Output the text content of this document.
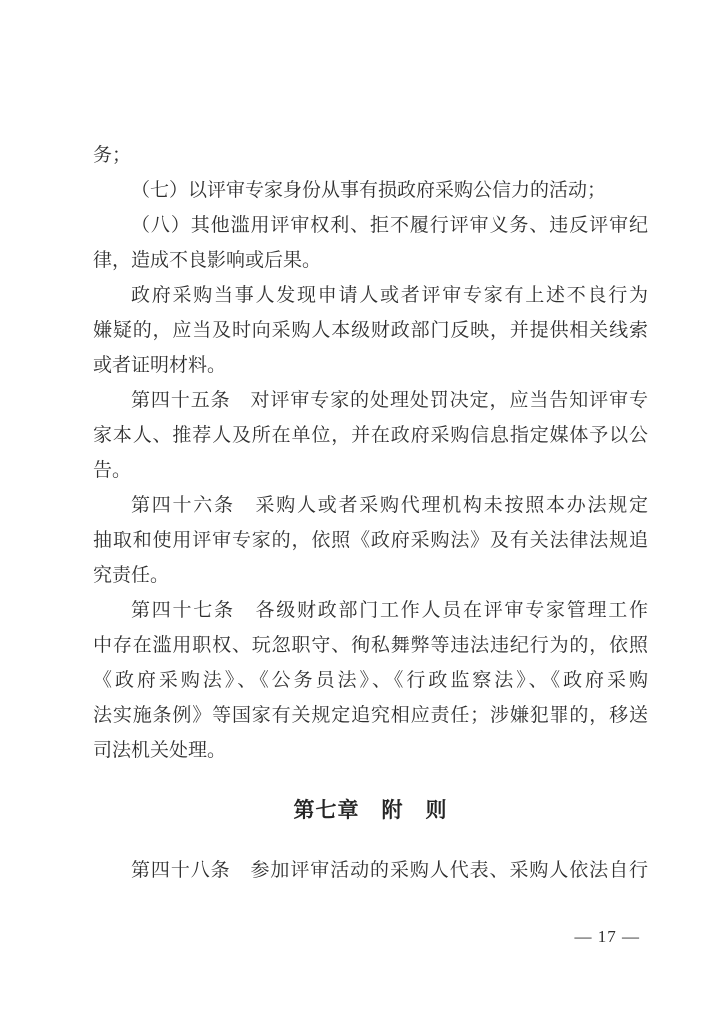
务；

（七）以评审专家身份从事有损政府采购公信力的活动；

（八）其他滥用评审权利、拒不履行评审义务、违反评审纪

律，造成不良影响或后果。

政府采购当事人发现申请人或者评审专家有上述不良行为

嫌疑的，应当及时向采购人本级财政部门反映，并提供相关线索

或者证明材料。

第四十五条　对评审专家的处理处罚决定，应当告知评审专

家本人、推荐人及所在单位，并在政府采购信息指定媒体予以公

告。

第四十六条　采购人或者采购代理机构未按照本办法规定

抽取和使用评审专家的，依照《政府采购法》及有关法律法规追

究责任。

第四十七条　各级财政部门工作人员在评审专家管理工作

中存在滥用职权、玩忽职守、徇私舞弊等违法违纪行为的，依照

《政府采购法》、《公务员法》、《行政监察法》、《政府采购

法实施条例》等国家有关规定追究相应责任；涉嫌犯罪的，移送

司法机关处理。

第七章　附　则

第四十八条　参加评审活动的采购人代表、采购人依法自行

— 17 —
